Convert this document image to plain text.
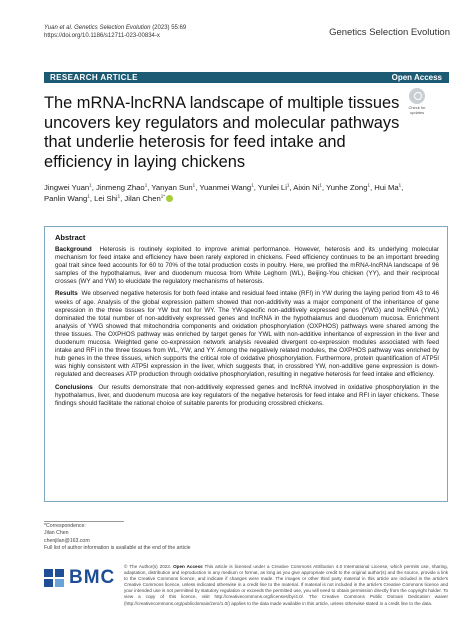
Yuan et al. Genetics Selection Evolution (2023) 55:69
https://doi.org/10.1186/s12711-023-00834-x	Genetics Selection Evolution
RESEARCH ARTICLE	Open Access
The mRNA-lncRNA landscape of multiple tissues uncovers key regulators and molecular pathways that underlie heterosis for feed intake and efficiency in laying chickens
Check for updates
Jingwei Yuan$^1$, Jinmeng Zhao$^1$, Yanyan Sun$^1$, Yuanmei Wang$^1$, Yunlei Li$^1$, Aixin Ni$^1$, Yunhe Zong$^1$, Hui Ma$^1$, Panlin Wang$^1$, Lei Shi$^1$, Jilan Chen$^{1*}$
Abstract

Background Heterosis is routinely exploited to improve animal performance. However, heterosis and its underlying molecular mechanism for feed intake and efficiency have been rarely explored in chickens. Feed efficiency continues to be an important breeding goal trait since feed accounts for 60 to 70% of the total production costs in poultry. Here, we profiled the mRNA-lncRNA landscape of 96 samples of the hypothalamus, liver and duodenum mucosa from White Leghorn (WL), Beijing-You chicken (YY), and their reciprocal crosses (WY and YW) to elucidate the regulatory mechanisms of heterosis.

Results We observed negative heterosis for both feed intake and residual feed intake (RFI) in YW during the laying period from 43 to 46 weeks of age. Analysis of the global expression pattern showed that non-additivity was a major component of the inheritance of gene expression in the three tissues for YW but not for WY. The YW-specific non-additively expressed genes (YWG) and lncRNA (YWL) dominated the total number of non-additively expressed genes and lncRNA in the hypothalamus and duodenum mucosa. Enrichment analysis of YWG showed that mitochondria components and oxidation phosphorylation (OXPHOS) pathways were shared among the three tissues. The OXPHOS pathway was enriched by target genes for YWL with non-additive inheritance of expression in the liver and duodenum mucosa. Weighted gene co-expression network analysis revealed divergent co-expression modules associated with feed intake and RFI in the three tissues from WL, YW, and YY. Among the negatively related modules, the OXPHOS pathway was enriched by hub genes in the three tissues, which supports the critical role of oxidative phosphorylation. Furthermore, protein quantification of ATP5I was highly consistent with ATP5I expression in the liver, which suggests that, in crossbred YW, non-additive gene expression is down-regulated and decreases ATP production through oxidative phosphorylation, resulting in negative heterosis for feed intake and efficiency.

Conclusions Our results demonstrate that non-additively expressed genes and lncRNA involved in oxidative phosphorylation in the hypothalamus, liver, and duodenum mucosa are key regulators of the negative heterosis for feed intake and RFI in layer chickens. These findings should facilitate the rational choice of suitable parents for producing crossbred chickens.

*Correspondence:
Jilan Chen
chenjilan@163.com
Full list of author information is available at the end of the article
BMC
© The Author(s) 2023. Open Access This article is licensed under a Creative Commons Attribution 4.0 International License, which permits use, sharing, adaptation, distribution and reproduction in any medium or format, as long as you give appropriate credit to the original author(s) and the source, provide a link to the Creative Commons licence, and indicate if changes were made. The images or other third party material in this article are included in the article's Creative Commons licence, unless indicated otherwise in a credit line to the material. If material is not included in the article's Creative Commons licence and your intended use is not permitted by statutory regulation or exceeds the permitted use, you will need to obtain permission directly from the copyright holder. To view a copy of this licence, visit http://creativecommons.org/licenses/by/4.0/. The Creative Commons Public Domain Dedication waiver (http://creativecommons.org/publicdomain/zero/1.0/) applies to the data made available in this article, unless otherwise stated in a credit line to the data.
